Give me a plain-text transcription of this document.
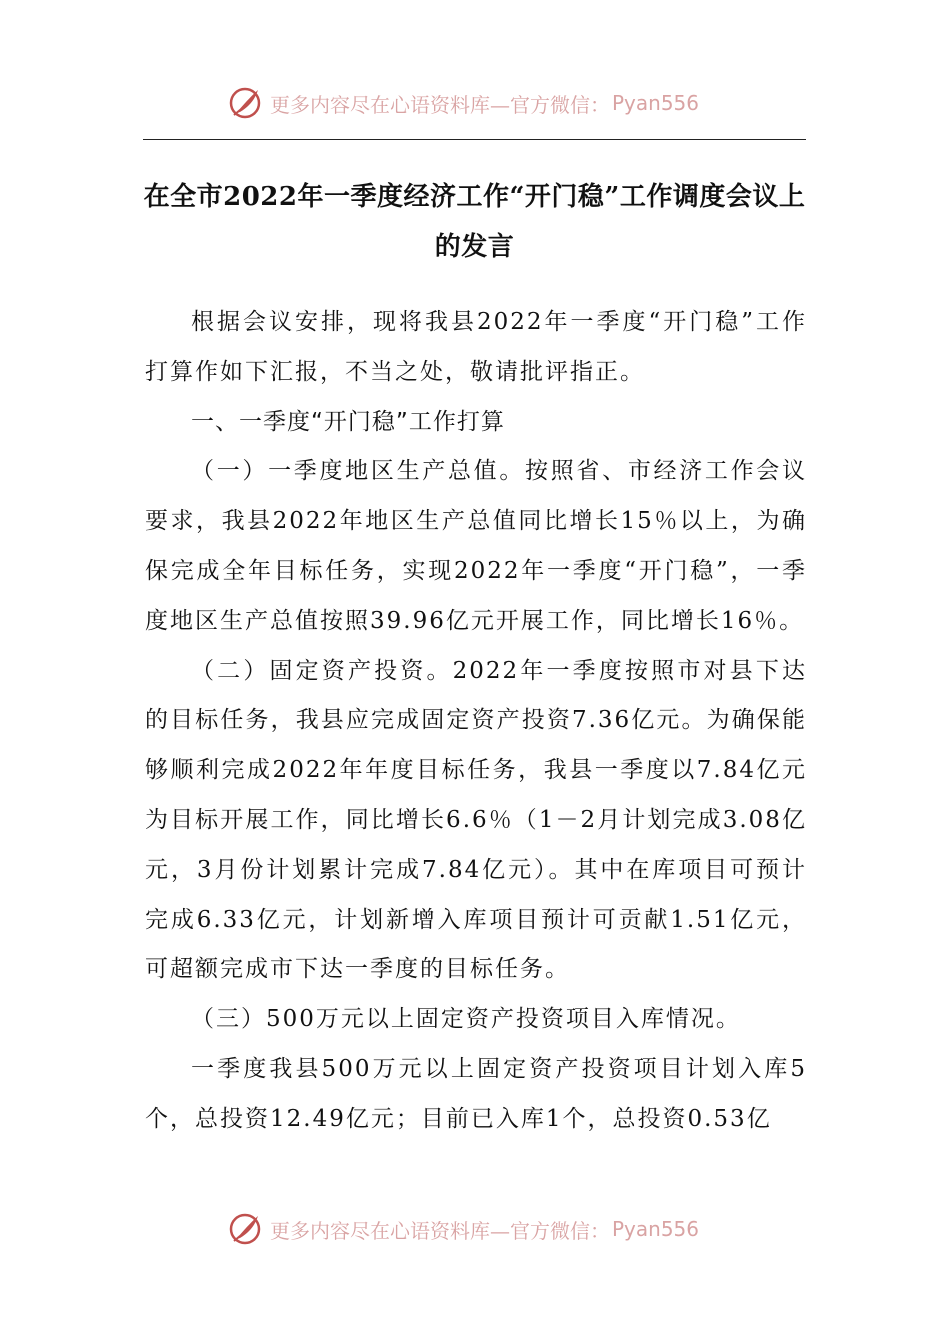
更多内容尽在心语资料库—官方微信： Pyan556
在全市2022年一季度经济工作“开门稳”工作调度会议上的发言

根据会议安排，现将我县2022年一季度“开门稳”工作打算作如下汇报，不当之处，敬请批评指正。

一、一季度“开门稳”工作打算

（一）一季度地区生产总值。按照省、市经济工作会议要求，我县2022年地区生产总值同比增长15％以上，为确保完成全年目标任务，实现2022年一季度“开门稳”，一季度地区生产总值按照39.96亿元开展工作，同比增长16％。

（二）固定资产投资。2022年一季度按照市对县下达的目标任务，我县应完成固定资产投资7.36亿元。为确保能够顺利完成2022年年度目标任务，我县一季度以7.84亿元为目标开展工作，同比增长6.6％（1－2月计划完成3.08亿元，3月份计划累计完成7.84亿元）。其中在库项目可预计完成6.33亿元，计划新增入库项目预计可贡献1.51亿元，可超额完成市下达一季度的目标任务。

（三）500万元以上固定资产投资项目入库情况。

一季度我县500万元以上固定资产投资项目计划入库5个，总投资12.49亿元；目前已入库1个，总投资0.53亿

更多内容尽在心语资料库—官方微信： Pyan556
